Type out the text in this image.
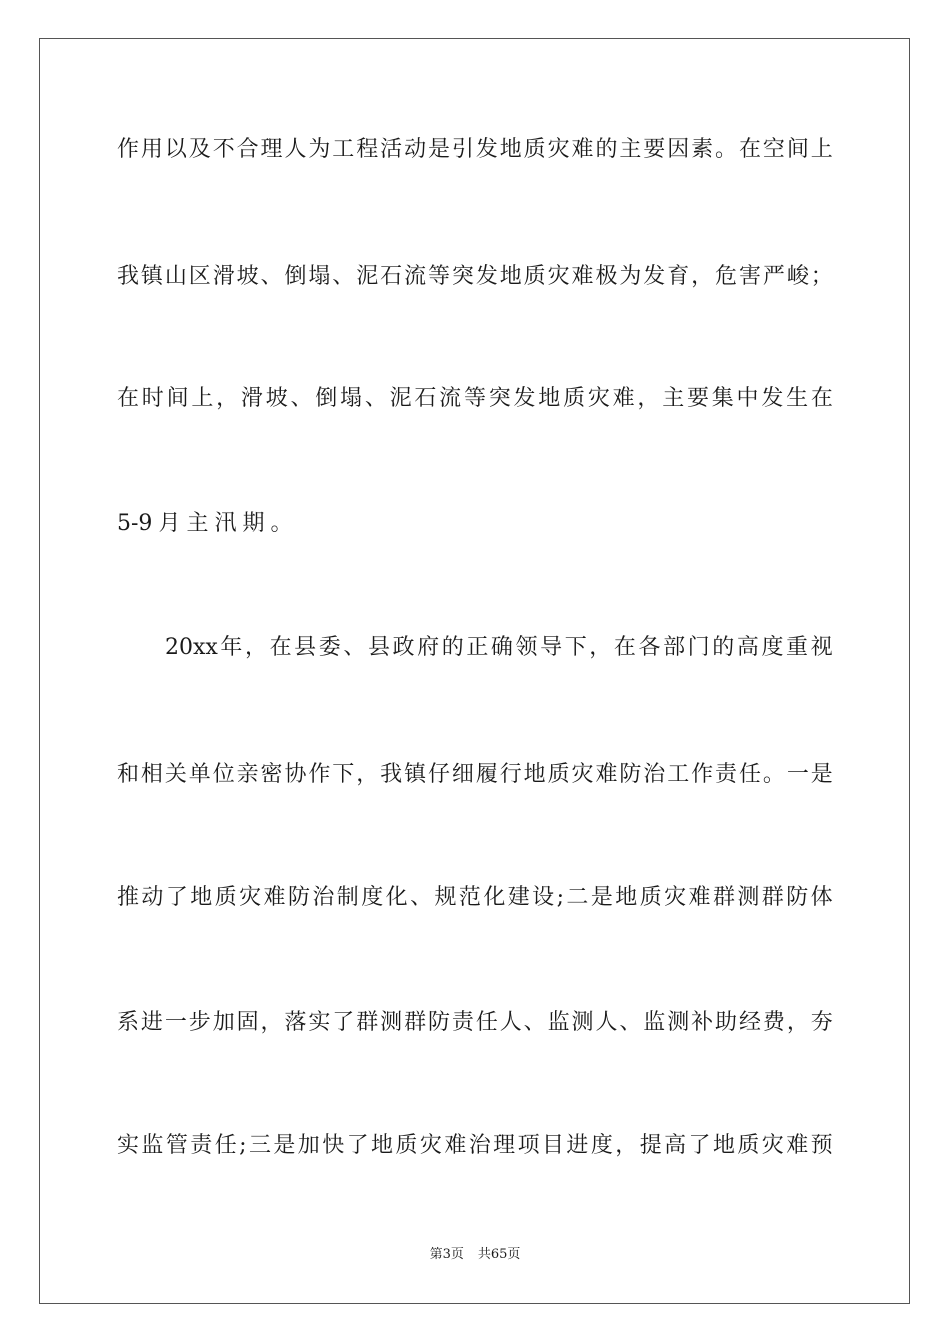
作 用 以 及 不 合 理 人 为 工 程 活 动 是 引 发 地 质 灾 难 的 主 要 因 素 。 在 空 间 上
我 镇 山 区 滑 坡 、 倒 塌 、 泥 石 流 等 突 发 地 质 灾 难 极 为 发 育 ， 危 害 严 峻 ；
在 时 间 上 ， 滑 坡 、 倒 塌 、 泥 石 流 等 突 发 地 质 灾 难 ， 主 要 集 中 发 生 在
5-9 月 主 汛 期 。
20xx 年 ， 在 县 委 、 县 政 府 的 正 确 领 导 下 ， 在 各 部 门 的 高 度 重 视
和 相 关 单 位 亲 密 协 作 下 ， 我 镇 仔 细 履 行 地 质 灾 难 防 治 工 作 责 任 。 一 是
推 动 了 地 质 灾 难 防 治 制 度 化 、 规 范 化 建 设 ; 二 是 地 质 灾 难 群 测 群 防 体
系 进 一 步 加 固 ， 落 实 了 群 测 群 防 责 任 人 、 监 测 人 、 监 测 补 助 经 费 ， 夯
实 监 管 责 任 ; 三 是 加 快 了 地 质 灾 难 治 理 项 目 进 度 ， 提 高 了 地 质 灾 难 预
第3页 共65页
